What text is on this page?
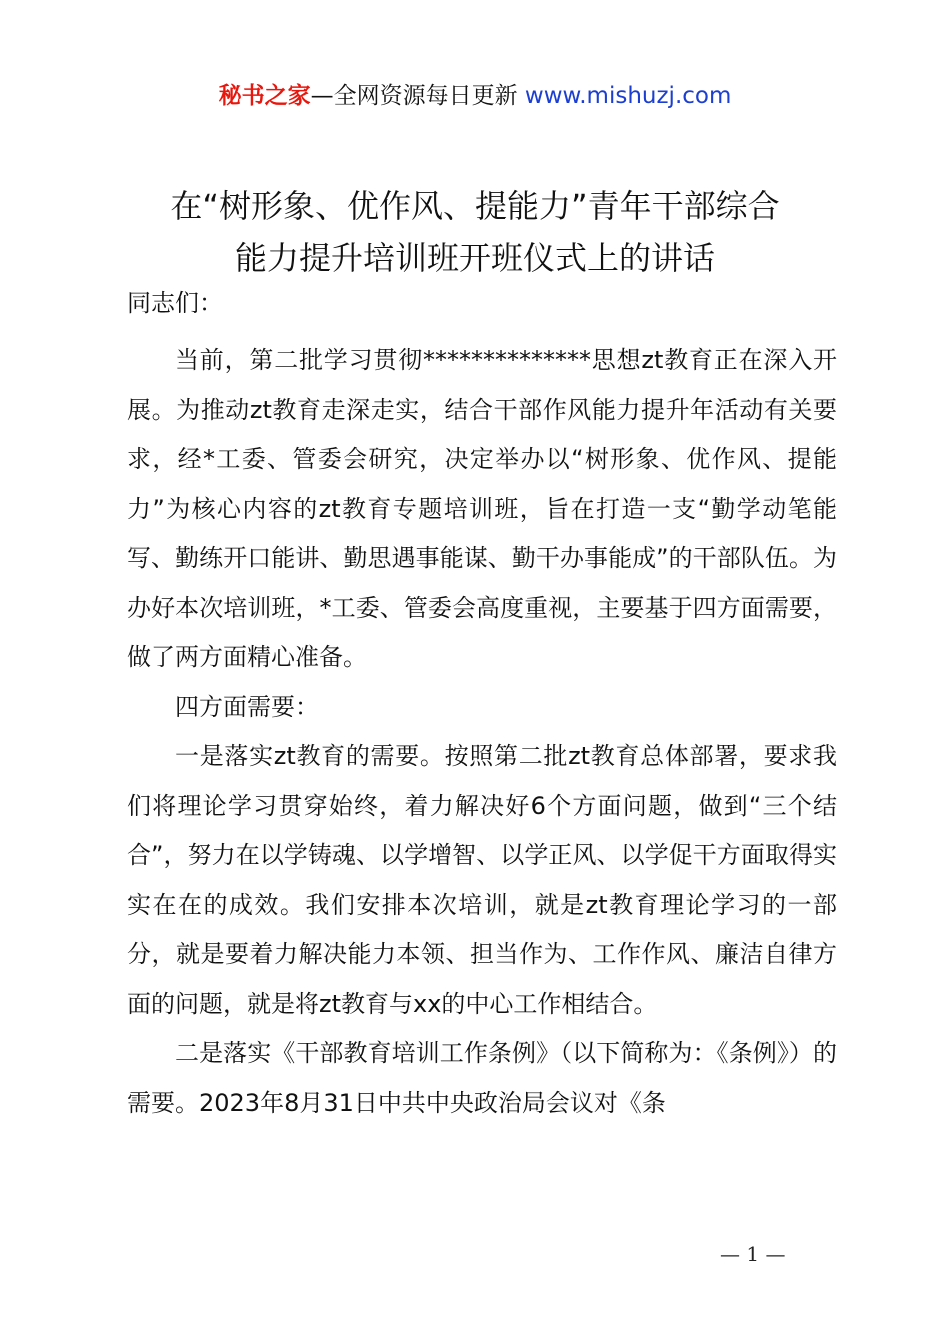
秘书之家—全网资源每日更新 www.mishuzj.com
在“树形象、优作风、提能力”青年干部综合
能力提升培训班开班仪式上的讲话
同志们：

当前，第二批学习贯彻**************思想zt教育正在深入开展。为推动zt教育走深走实，结合干部作风能力提升年活动有关要求，经*工委、管委会研究，决定举办以“树形象、优作风、提能力”为核心内容的zt教育专题培训班，旨在打造一支“勤学动笔能写、勤练开口能讲、勤思遇事能谋、勤干办事能成”的干部队伍。为办好本次培训班，*工委、管委会高度重视，主要基于四方面需要，做了两方面精心准备。

四方面需要：

一是落实zt教育的需要。按照第二批zt教育总体部署，要求我们将理论学习贯穿始终，着力解决好6个方面问题，做到“三个结合”，努力在以学铸魂、以学增智、以学正风、以学促干方面取得实实在在的成效。我们安排本次培训，就是zt教育理论学习的一部分，就是要着力解决能力本领、担当作为、工作作风、廉洁自律方面的问题，就是将zt教育与xx的中心工作相结合。

二是落实《干部教育培训工作条例》（以下简称为：《条例》）的需要。2023年8月31日中共中央政治局会议对《条

— 1 —
